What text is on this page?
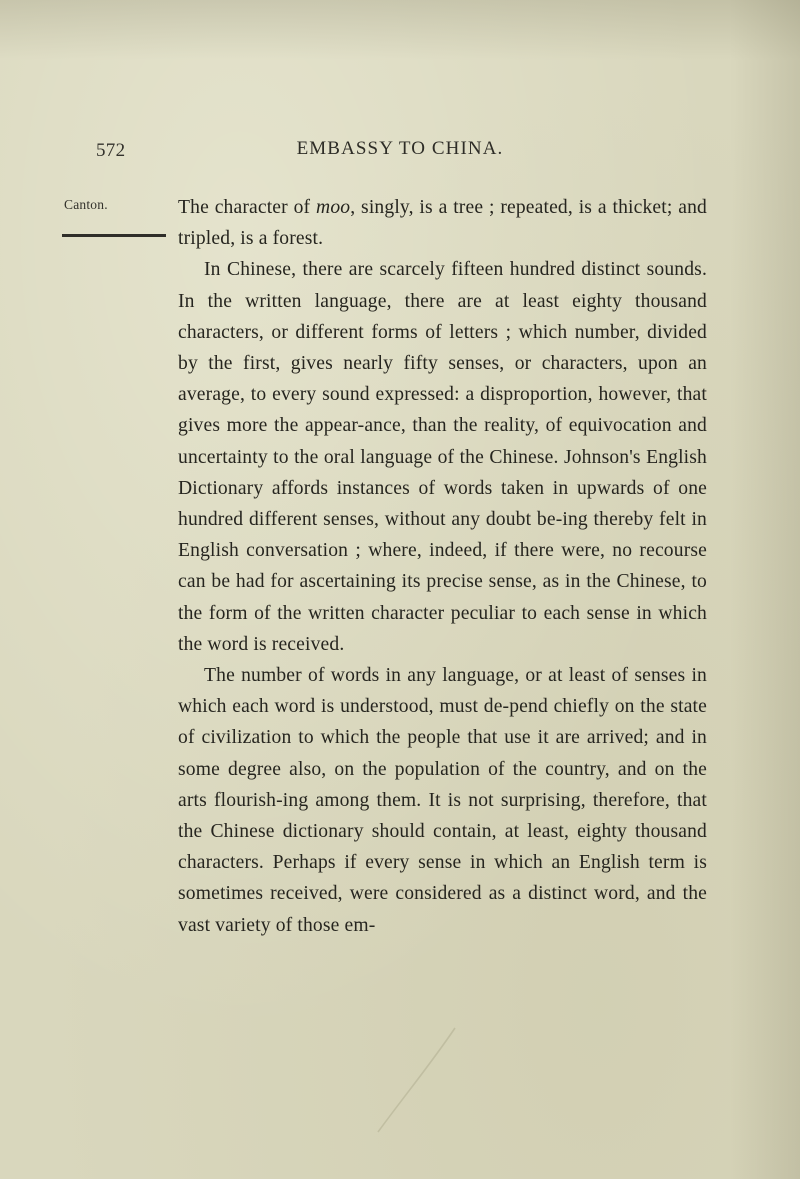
572	EMBASSY TO CHINA.
Canton.	The character of moo, singly, is a tree ; repeated, is a thicket; and tripled, is a forest.

In Chinese, there are scarcely fifteen hundred distinct sounds. In the written language, there are at least eighty thousand characters, or different forms of letters ; which number, divided by the first, gives nearly fifty senses, or characters, upon an average, to every sound expressed: a disproportion, however, that gives more the appear-ance, than the reality, of equivocation and uncertainty to the oral language of the Chinese. Johnson's English Dictionary affords instances of words taken in upwards of one hundred different senses, without any doubt be-ing thereby felt in English conversation ; where, indeed, if there were, no recourse can be had for ascertaining its precise sense, as in the Chinese, to the form of the written character peculiar to each sense in which the word is received.

The number of words in any language, or at least of senses in which each word is understood, must de-pend chiefly on the state of civilization to which the people that use it are arrived; and in some degree also, on the population of the country, and on the arts flourish-ing among them. It is not surprising, therefore, that the Chinese dictionary should contain, at least, eighty thousand characters. Perhaps if every sense in which an English term is sometimes received, were considered as a distinct word, and the vast variety of those em-
